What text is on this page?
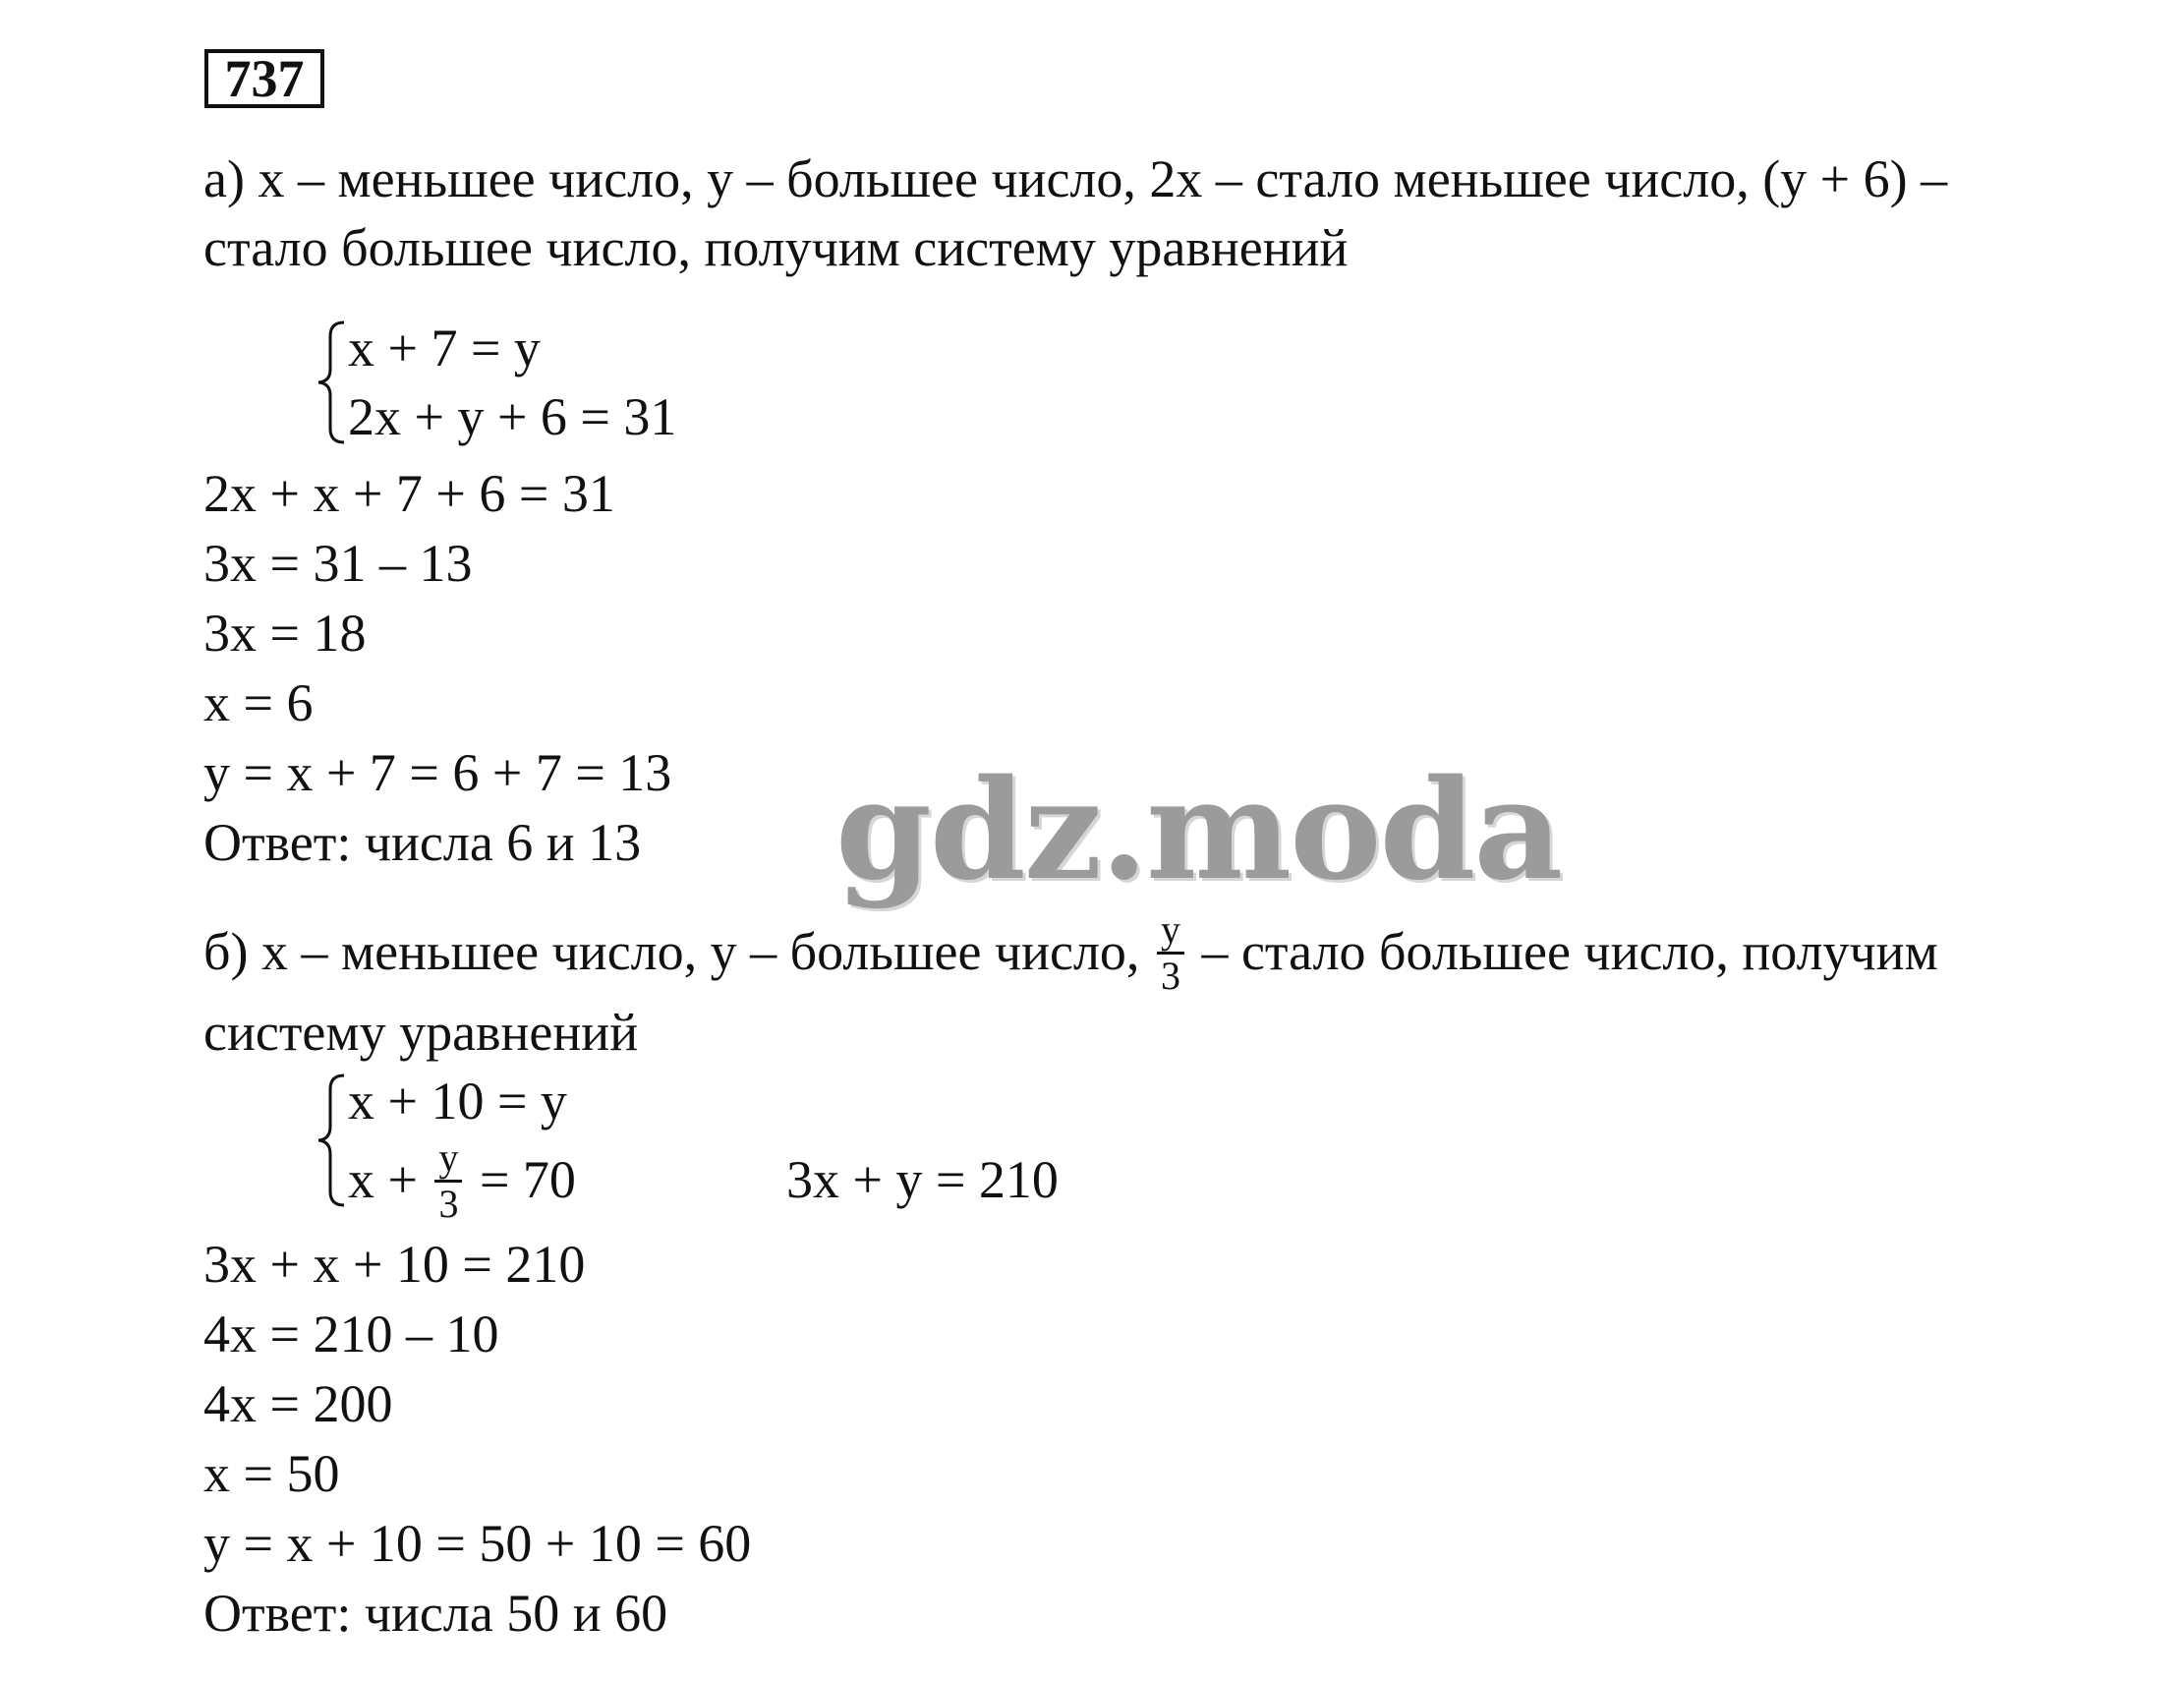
737
а) x – меньшее число, y – большее число, 2x – стало меньшее число, (y + 6) –
стало большее число, получим систему уравнений
x + 7 = y
2x + y + 6 = 31
2x + x + 7 + 6 = 31
3x = 31 – 13
3x = 18
x = 6
y = x + 7 = 6 + 7 = 13
Ответ: числа 6 и 13
б) x – меньшее число, y – большее число, $\frac{y}{3}$ – стало большее число, получим
систему уравнений
x + 10 = y
$x + \frac{y}{3} = 70$	3x + y = 210
3x + x + 10 = 210
4x = 210 – 10
4x = 200
x = 50
y = x + 10 = 50 + 10 = 60
Ответ: числа 50 и 60
gdz.moda
